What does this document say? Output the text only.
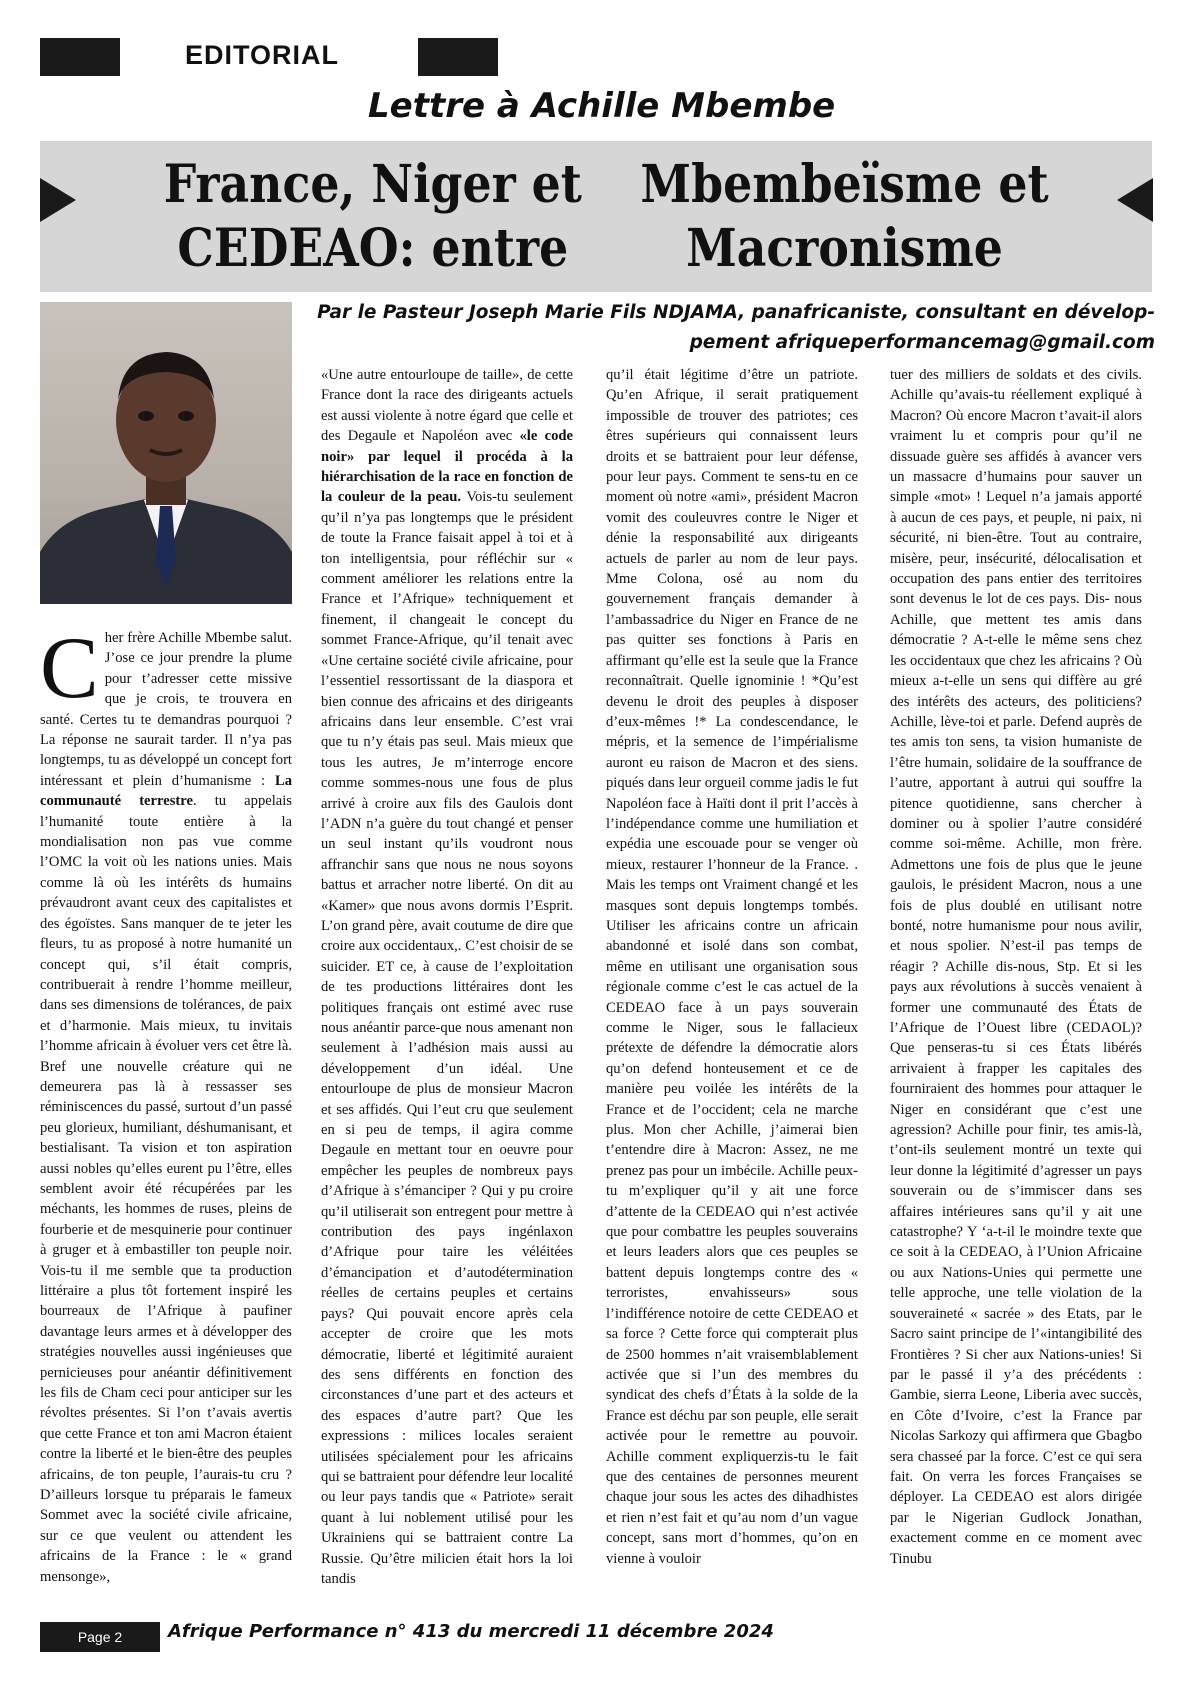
EDITORIAL
Lettre à Achille Mbembe
France, Niger et CEDEAO: entre

Mbembeïsme et Macronisme
Par le Pasteur Joseph Marie Fils NDJAMA, panafricaniste, consultant en dévelop-
pement afriqueperformancemag@gmail.com

Cher frère Achille Mbembe salut. J’ose ce jour prendre la plume pour t’adresser cette missive que je crois, te trouvera en santé. Certes tu te demandras pourquoi ? La réponse ne saurait tarder. Il n’ya pas longtemps, tu as développé un concept fort intéressant et plein d’humanisme : La communauté terrestre. tu appelais l’humanité toute entière à la mondialisation non pas vue comme l’OMC la voit où les nations unies. Mais comme là où les intérêts ds humains prévaudront avant ceux des capitalistes et des égoïstes. Sans manquer de te jeter les fleurs, tu as proposé à notre humanité un concept qui, s’il était compris, contribuerait à rendre l’homme meilleur, dans ses dimensions de tolérances, de paix et d’harmonie. Mais mieux, tu invitais l’homme africain à évoluer vers cet être là. Bref une nouvelle créature qui ne demeurera pas là à ressasser ses réminiscences du passé, surtout d’un passé peu glorieux, humiliant, déshumanisant, et bestialisant. Ta vision et ton aspiration aussi nobles qu’elles eurent pu l’être, elles semblent avoir été récupérées par les méchants, les hommes de ruses, pleins de fourberie et de mesquinerie pour continuer à gruger et à embastiller ton peuple noir. Vois-tu il me semble que ta production littéraire a plus tôt fortement inspiré les bourreaux de l’Afrique à paufiner davantage leurs armes et à développer des stratégies nouvelles aussi ingénieuses que pernicieuses pour anéantir définitivement les fils de Cham ceci pour anticiper sur les révoltes présentes. Si l’on t’avais avertis que cette France et ton ami Macron étaient contre la liberté et le bien-être des peuples africains, de ton peuple, l’aurais-tu cru ? D’ailleurs lorsque tu préparais le fameux Sommet avec la société civile africaine, sur ce que veulent ou attendent les africains de la France : le « grand mensonge»,

«Une autre entourloupe de taille», de cette France dont la race des dirigeants actuels est aussi violente à notre égard que celle et des Degaule et Napoléon avec «le code noir» par lequel il procéda à la hiérarchisation de la race en fonction de la couleur de la peau. Vois-tu seulement qu’il n’ya pas longtemps que le président de toute la France faisait appel à toi et à ton intelligentsia, pour réfléchir sur « comment améliorer les relations entre la France et l’Afrique» techniquement et finement, il changeait le concept du sommet France-Afrique, qu’il tenait avec «Une certaine société civile africaine, pour l’essentiel ressortissant de la diaspora et bien connue des africains et des dirigeants africains dans leur ensemble. C’est vrai que tu n’y étais pas seul. Mais mieux que tous les autres, Je m’interroge encore comme sommes-nous une fous de plus arrivé à croire aux fils des Gaulois dont l’ADN n’a guère du tout changé et penser un seul instant qu’ils voudront nous affranchir sans que nous ne nous soyons battus et arracher notre liberté. On dit au «Kamer» que nous avons dormis l’Esprit. L’on grand père, avait coutume de dire que croire aux occidentaux,. C’est choisir de se suicider. ET ce, à cause de l’exploitation de tes productions littéraires dont les politiques français ont estimé avec ruse nous anéantir parce-que nous amenant non seulement à l’adhésion mais aussi au développement d’un idéal. Une entourloupe de plus de monsieur Macron et ses affidés. Qui l’eut cru que seulement en si peu de temps, il agira comme Degaule en mettant tour en oeuvre pour empêcher les peuples de nombreux pays d’Afrique à s’émanciper ? Qui y pu croire qu’il utiliserait son entregent pour mettre à contribution des pays ingénlaxon d’Afrique pour taire les véléitées d’émancipation et d’autodétermination réelles de certains peuples et certains pays? Qui pouvait encore après cela accepter de croire que les mots démocratie, liberté et légitimité auraient des sens différents en fonction des circonstances d’une part et des acteurs et des espaces d’autre part? Que les expressions : milices locales seraient utilisées spécialement pour les africains qui se battraient pour défendre leur localité ou leur pays tandis que « Patriote» serait quant à lui noblement utilisé pour les Ukrainiens qui se battraient contre La Russie. Qu’être milicien était hors la loi tandis

qu’il était légitime d’être un patriote. Qu’en Afrique, il serait pratiquement impossible de trouver des patriotes; ces êtres supérieurs qui connaissent leurs droits et se battraient pour leur défense, pour leur pays. Comment te sens-tu en ce moment où notre «ami», président Macron vomit des couleuvres contre le Niger et dénie la responsabilité aux dirigeants actuels de parler au nom de leur pays. Mme Colona, osé au nom du gouvernement français demander à l’ambassadrice du Niger en France de ne pas quitter ses fonctions à Paris en affirmant qu’elle est la seule que la France reconnaîtrait. Quelle ignominie ! *Qu’est devenu le droit des peuples à disposer d’eux-mêmes !* La condescendance, le mépris, et la semence de l’impérialisme auront eu raison de Macron et des siens. piqués dans leur orgueil comme jadis le fut Napoléon face à Haïti dont il prit l’accès à l’indépendance comme une humiliation et expédia une escouade pour se venger où mieux, restaurer l’honneur de la France. . Mais les temps ont Vraiment changé et les masques sont depuis longtemps tombés. Utiliser les africains contre un africain abandonné et isolé dans son combat, même en utilisant une organisation sous régionale comme c’est le cas actuel de la CEDEAO face à un pays souverain comme le Niger, sous le fallacieux prétexte de défendre la démocratie alors qu’on defend honteusement et ce de manière peu voilée les intérêts de la France et de l’occident; cela ne marche plus. Mon cher Achille, j’aimerai bien t’entendre dire à Macron: Assez, ne me prenez pas pour un imbécile. Achille peux-tu m’expliquer qu’il y ait une force d’attente de la CEDEAO qui n’est activée que pour combattre les peuples souverains et leurs leaders alors que ces peuples se battent depuis longtemps contre des « terroristes, envahisseurs» sous l’indifférence notoire de cette CEDEAO et sa force ? Cette force qui compterait plus de 2500 hommes n’ait vraisemblablement activée que si l’un des membres du syndicat des chefs d’États à la solde de la France est déchu par son peuple, elle serait activée pour le remettre au pouvoir. Achille comment expliquerzis-tu le fait que des centaines de personnes meurent chaque jour sous les actes des dihadhistes et rien n’est fait et qu’au nom d’un vague concept, sans mort d’hommes, qu’on en vienne à vouloir

tuer des milliers de soldats et des civils. Achille qu’avais-tu réellement expliqué à Macron? Où encore Macron t’avait-il alors vraiment lu et compris pour qu’il ne dissuade guère ses affidés à avancer vers un massacre d’humains pour sauver un simple «mot» ! Lequel n’a jamais apporté à aucun de ces pays, et peuple, ni paix, ni sécurité, ni bien-être. Tout au contraire, misère, peur, insécurité, délocalisation et occupation des pans entier des territoires sont devenus le lot de ces pays. Dis- nous Achille, que mettent tes amis dans démocratie ? A-t-elle le même sens chez les occidentaux que chez les africains ? Où mieux a-t-elle un sens qui diffère au gré des intérêts des acteurs, des politiciens? Achille, lève-toi et parle. Defend auprès de tes amis ton sens, ta vision humaniste de l’être humain, solidaire de la souffrance de l’autre, apportant à autrui qui souffre la pitence quotidienne, sans chercher à dominer ou à spolier l’autre considéré comme soi-même. Achille, mon frère. Admettons une fois de plus que le jeune gaulois, le président Macron, nous a une fois de plus doublé en utilisant notre bonté, notre humanisme pour nous avilir, et nous spolier. N’est-il pas temps de réagir ? Achille dis-nous, Stp. Et si les pays aux révolutions à succès venaient à former une communauté des États de l’Afrique de l’Ouest libre (CEDAOL)? Que penseras-tu si ces États libérés arrivaient à frapper les capitales des fourniraient des hommes pour attaquer le Niger en considérant que c’est une agression? Achille pour finir, tes amis-là, t’ont-ils seulement montré un texte qui leur donne la légitimité d’agresser un pays souverain ou de s’immiscer dans ses affaires intérieures sans qu’il y ait une catastrophe? Y ‘a-t-il le moindre texte que ce soit à la CEDEAO, à l’Union Africaine ou aux Nations-Unies qui permette une telle approche, une telle violation de la souveraineté « sacrée » des Etats, par le Sacro saint principe de l’«intangibilité des Frontières ? Si cher aux Nations-unies! Si par le passé il y’a des précédents : Gambie, sierra Leone, Liberia avec succès, en Côte d’Ivoire, c’est la France par Nicolas Sarkozy qui affirmera que Gbagbo sera chasseé par la force. C’est ce qui sera fait. On verra les forces Françaises se déployer. La CEDEAO est alors dirigée par le Nigerian Gudlock Jonathan, exactement comme en ce moment avec Tinubu

Page 2	Afrique Performance n° 413 du mercredi 11 décembre 2024
